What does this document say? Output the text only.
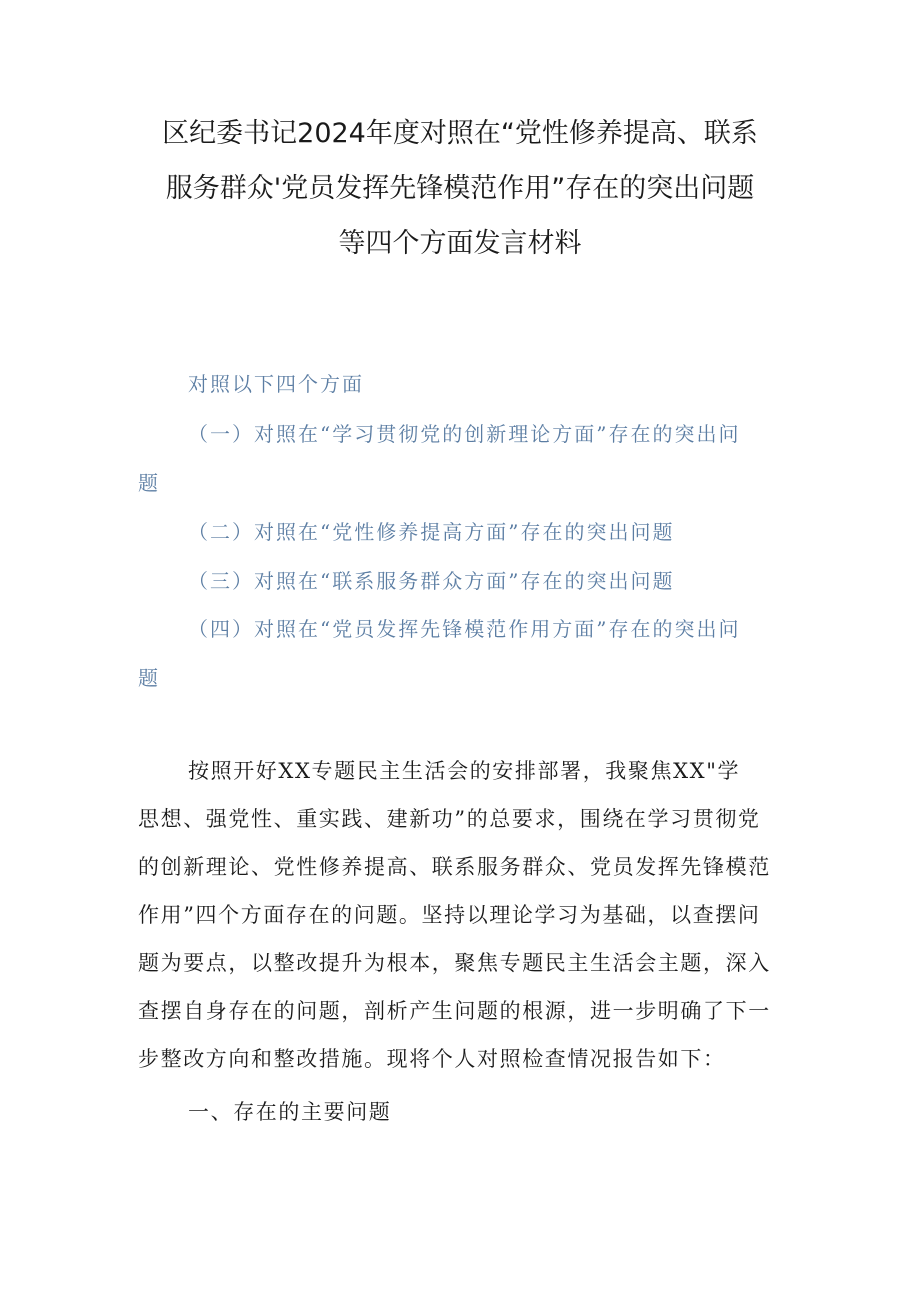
区纪委书记2024年度对照在“党性修养提高、联系
服务群众'党员发挥先锋模范作用”存在的突出问题
等四个方面发言材料
对照以下四个方面
（一）对照在“学习贯彻党的创新理论方面”存在的突出问
题
（二）对照在“党性修养提高方面”存在的突出问题
（三）对照在“联系服务群众方面”存在的突出问题
（四）对照在“党员发挥先锋模范作用方面”存在的突出问
题
按照开好XX专题民主生活会的安排部署，我聚焦XX"学
思想、强党性、重实践、建新功”的总要求，围绕在学习贯彻党
的创新理论、党性修养提高、联系服务群众、党员发挥先锋模范
作用”四个方面存在的问题。坚持以理论学习为基础，以查摆问
题为要点，以整改提升为根本，聚焦专题民主生活会主题，深入
查摆自身存在的问题，剖析产生问题的根源，进一步明确了下一
步整改方向和整改措施。现将个人对照检查情况报告如下：
一、存在的主要问题
